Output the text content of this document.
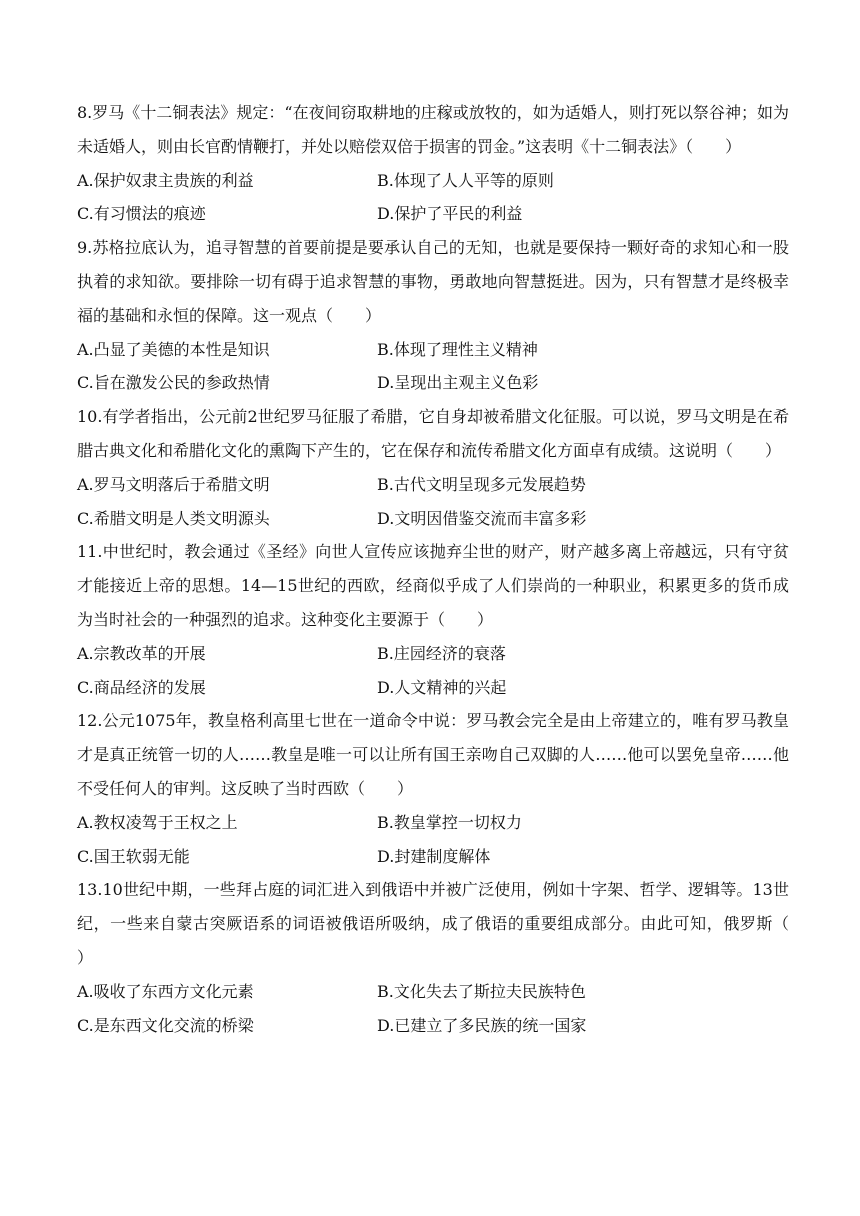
8.罗马《十二铜表法》规定：“在夜间窃取耕地的庄稼或放牧的，如为适婚人，则打死以祭谷神；如为未适婚人，则由长官酌情鞭打，并处以赔偿双倍于损害的罚金。”这表明《十二铜表法》（　　）

A.保护奴隶主贵族的利益	B.体现了人人平等的原则
C.有习惯法的痕迹	D.保护了平民的利益

9.苏格拉底认为，追寻智慧的首要前提是要承认自己的无知，也就是要保持一颗好奇的求知心和一股执着的求知欲。要排除一切有碍于追求智慧的事物，勇敢地向智慧挺进。因为，只有智慧才是终极幸福的基础和永恒的保障。这一观点（　　）

A.凸显了美德的本性是知识	B.体现了理性主义精神
C.旨在激发公民的参政热情	D.呈现出主观主义色彩

10.有学者指出，公元前2世纪罗马征服了希腊，它自身却被希腊文化征服。可以说，罗马文明是在希腊古典文化和希腊化文化的熏陶下产生的，它在保存和流传希腊文化方面卓有成绩。这说明（　　）

A.罗马文明落后于希腊文明	B.古代文明呈现多元发展趋势
C.希腊文明是人类文明源头	D.文明因借鉴交流而丰富多彩

11.中世纪时，教会通过《圣经》向世人宣传应该抛弃尘世的财产，财产越多离上帝越远，只有守贫才能接近上帝的思想。14—15世纪的西欧，经商似乎成了人们崇尚的一种职业，积累更多的货币成为当时社会的一种强烈的追求。这种变化主要源于（　　）

A.宗教改革的开展	B.庄园经济的衰落
C.商品经济的发展	D.人文精神的兴起

12.公元1075年，教皇格利高里七世在一道命令中说：罗马教会完全是由上帝建立的，唯有罗马教皇才是真正统管一切的人……教皇是唯一可以让所有国王亲吻自己双脚的人……他可以罢免皇帝……他不受任何人的审判。这反映了当时西欧（　　）

A.教权凌驾于王权之上	B.教皇掌控一切权力
C.国王软弱无能	D.封建制度解体

13.10世纪中期，一些拜占庭的词汇进入到俄语中并被广泛使用，例如十字架、哲学、逻辑等。13世纪，一些来自蒙古突厥语系的词语被俄语所吸纳，成了俄语的重要组成部分。由此可知，俄罗斯（　　）

A.吸收了东西方文化元素	B.文化失去了斯拉夫民族特色
C.是东西文化交流的桥梁	D.已建立了多民族的统一国家
